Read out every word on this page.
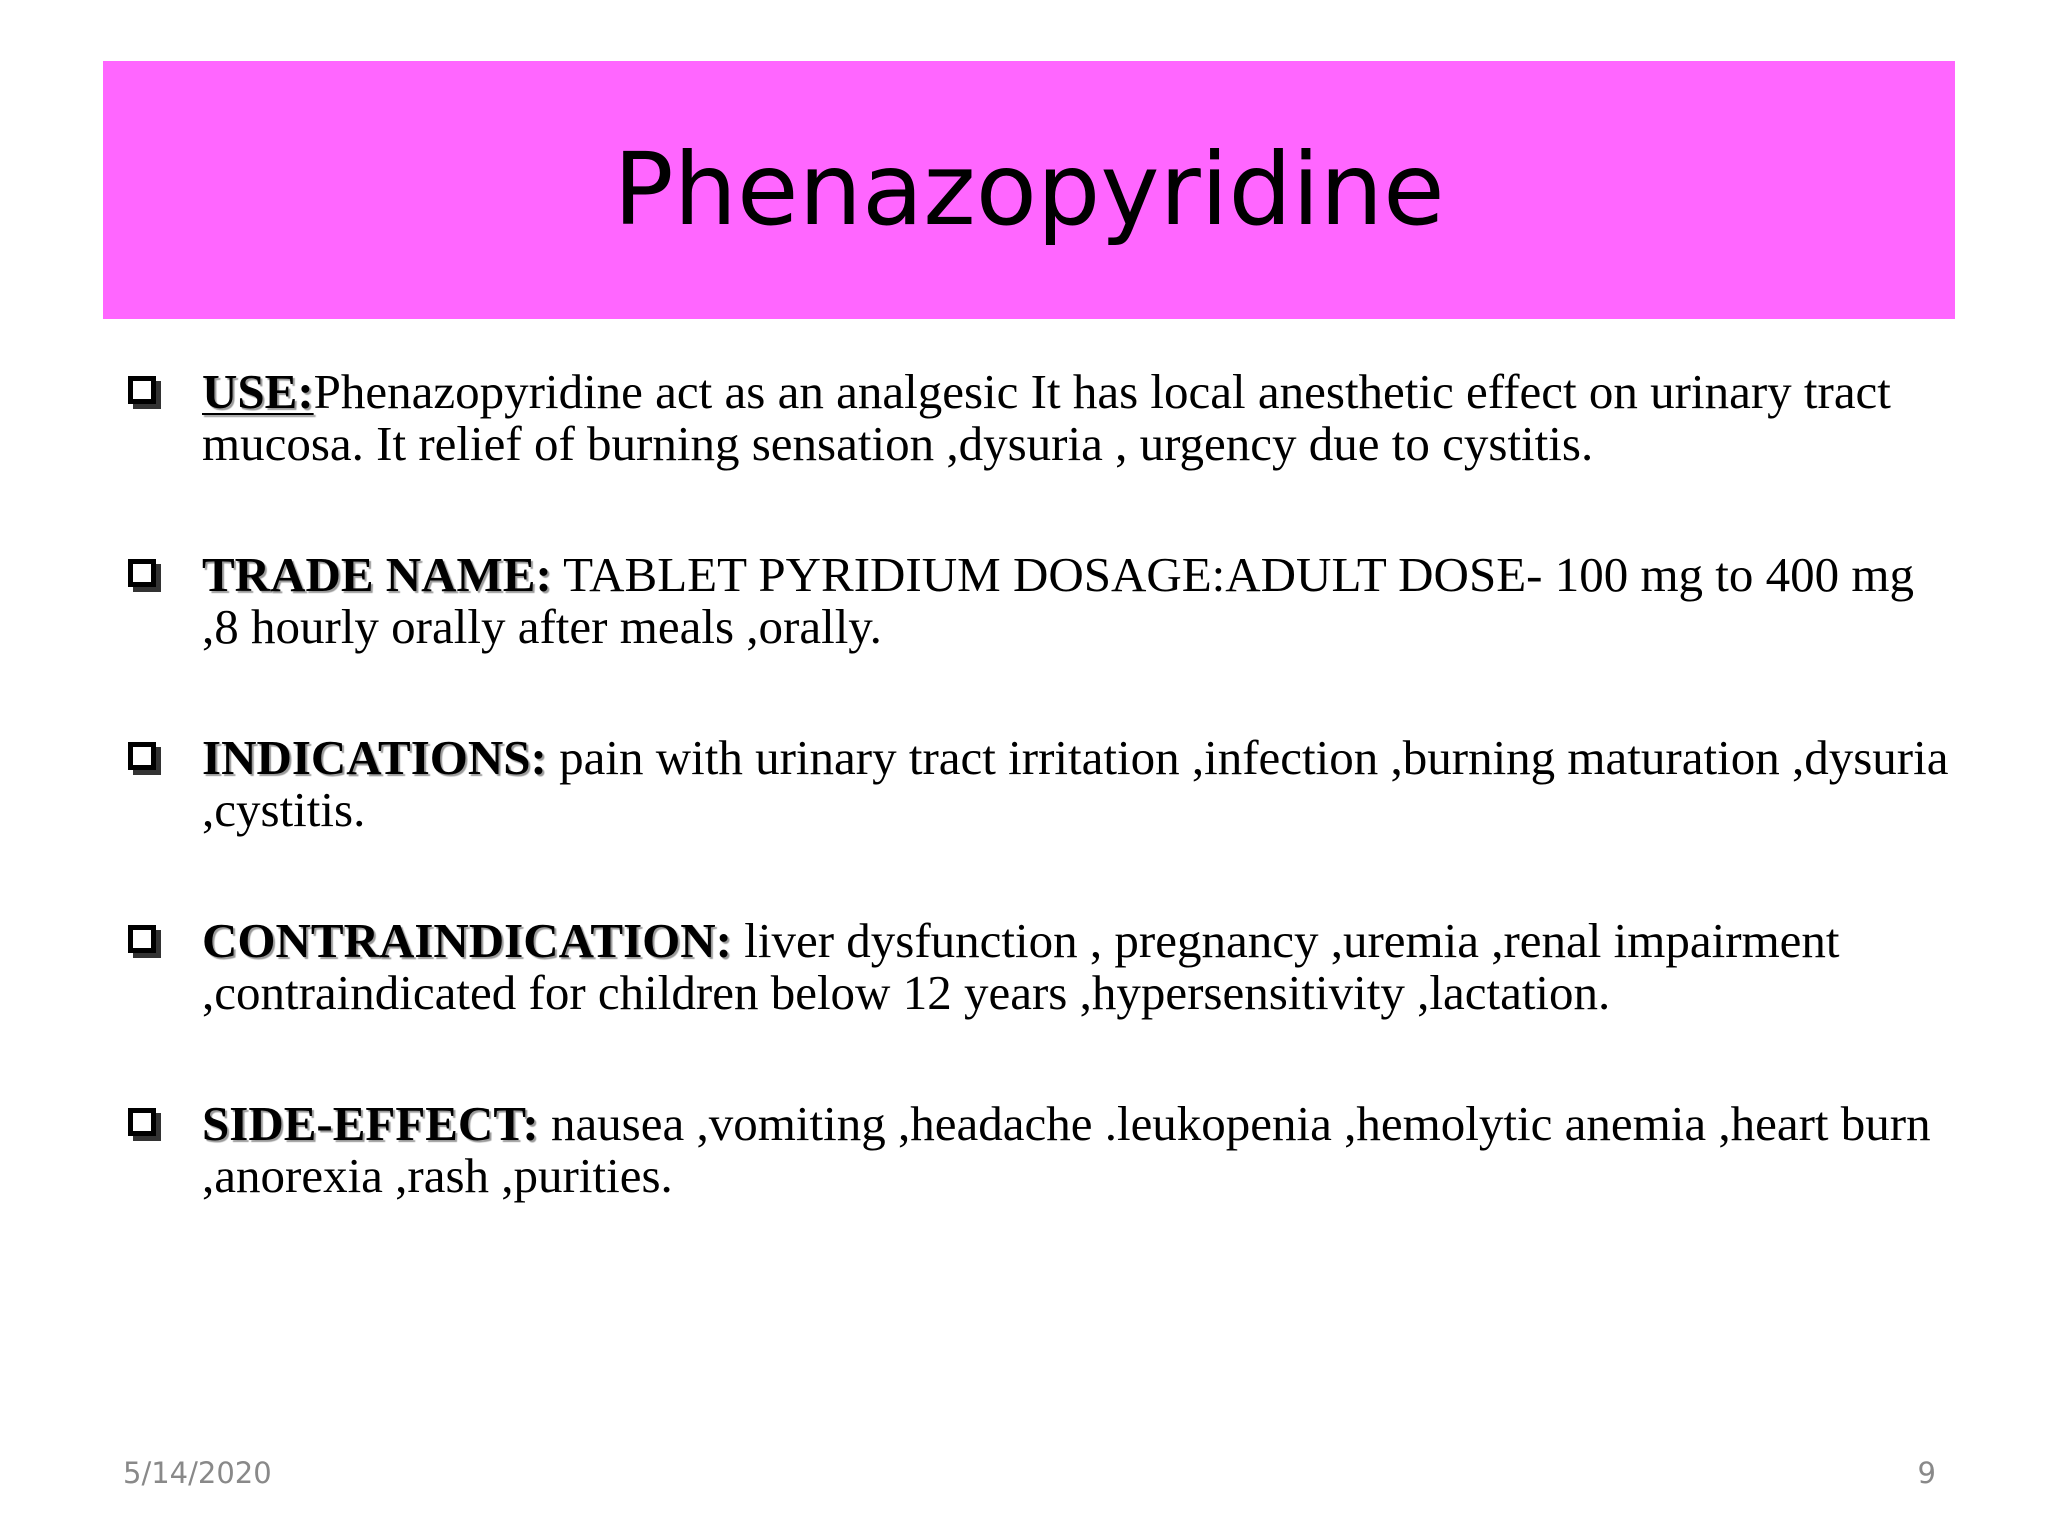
Phenazopyridine
USE:Phenazopyridine act as an analgesic It has local anesthetic effect on urinary tract mucosa. It relief of burning sensation ,dysuria , urgency due to cystitis.
TRADE NAME: TABLET PYRIDIUM DOSAGE:ADULT DOSE- 100 mg to 400 mg ,8 hourly orally after meals ,orally.
INDICATIONS: pain with urinary tract irritation ,infection ,burning maturation ,dysuria ,cystitis.
CONTRAINDICATION: liver dysfunction , pregnancy ,uremia ,renal impairment ,contraindicated for children below 12 years ,hypersensitivity ,lactation.
SIDE-EFFECT: nausea ,vomiting ,headache .leukopenia ,hemolytic anemia ,heart burn ,anorexia ,rash ,purities.
5/14/2020	9
